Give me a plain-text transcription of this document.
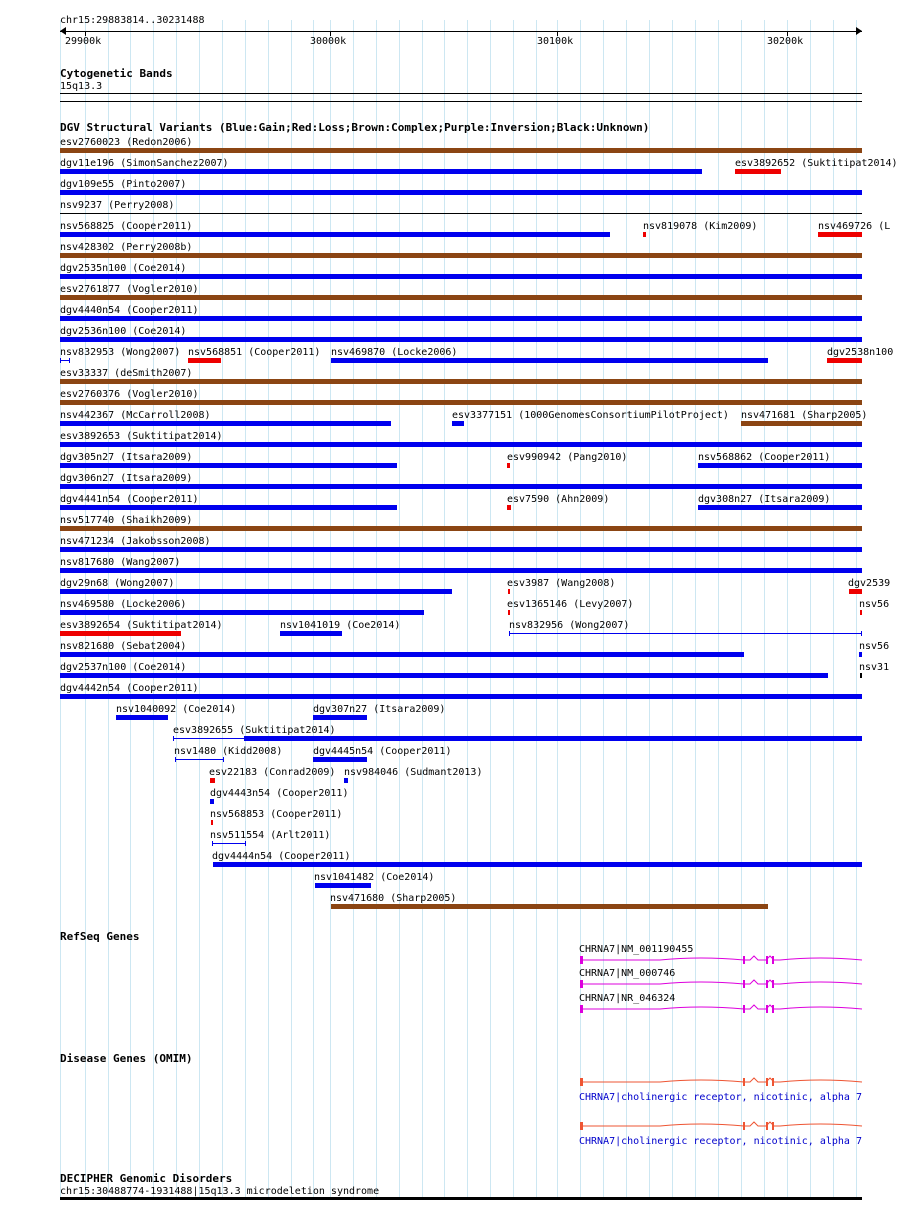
chr15:29883814..30231488
29900k	30000k	30100k	30200k
Cytogenetic Bands
15q13.3
DGV Structural Variants (Blue:Gain;Red:Loss;Brown:Complex;Purple:Inversion;Black:Unknown)
esv2760023 (Redon2006)
dgv11e196 (SimonSanchez2007)	esv3892652 (Suktitipat2014)
dgv109e55 (Pinto2007)
nsv9237 (Perry2008)
nsv568825 (Cooper2011)	nsv819078 (Kim2009)	nsv469726 (L
nsv428302 (Perry2008b)
dgv2535n100 (Coe2014)
esv2761877 (Vogler2010)
dgv4440n54 (Cooper2011)
dgv2536n100 (Coe2014)
nsv832953 (Wong2007) nsv568851 (Cooper2011) nsv469870 (Locke2006)	dgv2538n100
esv33337 (deSmith2007)
esv2760376 (Vogler2010)
nsv442367 (McCarroll2008)	esv3377151 (1000GenomesConsortiumPilotProject) nsv471681 (Sharp2005)
esv3892653 (Suktitipat2014)
dgv305n27 (Itsara2009)	esv990942 (Pang2010)	nsv568862 (Cooper2011)
dgv306n27 (Itsara2009)
dgv4441n54 (Cooper2011)	esv7590 (Ahn2009)	dgv308n27 (Itsara2009)
nsv517740 (Shaikh2009)
nsv471234 (Jakobsson2008)
nsv817680 (Wang2007)
dgv29n68 (Wong2007)	esv3987 (Wang2008)	dgv2539
nsv469580 (Locke2006)	esv1365146 (Levy2007)	nsv56
esv3892654 (Suktitipat2014)	nsv1041019 (Coe2014)	nsv832956 (Wong2007)
nsv821680 (Sebat2004)	nsv56
dgv2537n100 (Coe2014)	nsv31
dgv4442n54 (Cooper2011)
nsv1040092 (Coe2014)	dgv307n27 (Itsara2009)
esv3892655 (Suktitipat2014)
nsv1480 (Kidd2008)	dgv4445n54 (Cooper2011)
esv22183 (Conrad2009) nsv984046 (Sudmant2013)
dgv4443n54 (Cooper2011)
nsv568853 (Cooper2011)
nsv511554 (Arlt2011)
dgv4444n54 (Cooper2011)
nsv1041482 (Coe2014)
nsv471680 (Sharp2005)
RefSeq Genes
CHRNA7|NM_001190455
CHRNA7|NM_000746
CHRNA7|NR_046324
Disease Genes (OMIM)
CHRNA7|cholinergic receptor, nicotinic, alpha 7
CHRNA7|cholinergic receptor, nicotinic, alpha 7
DECIPHER Genomic Disorders
chr15:30488774-1931488|15q13.3 microdeletion syndrome
